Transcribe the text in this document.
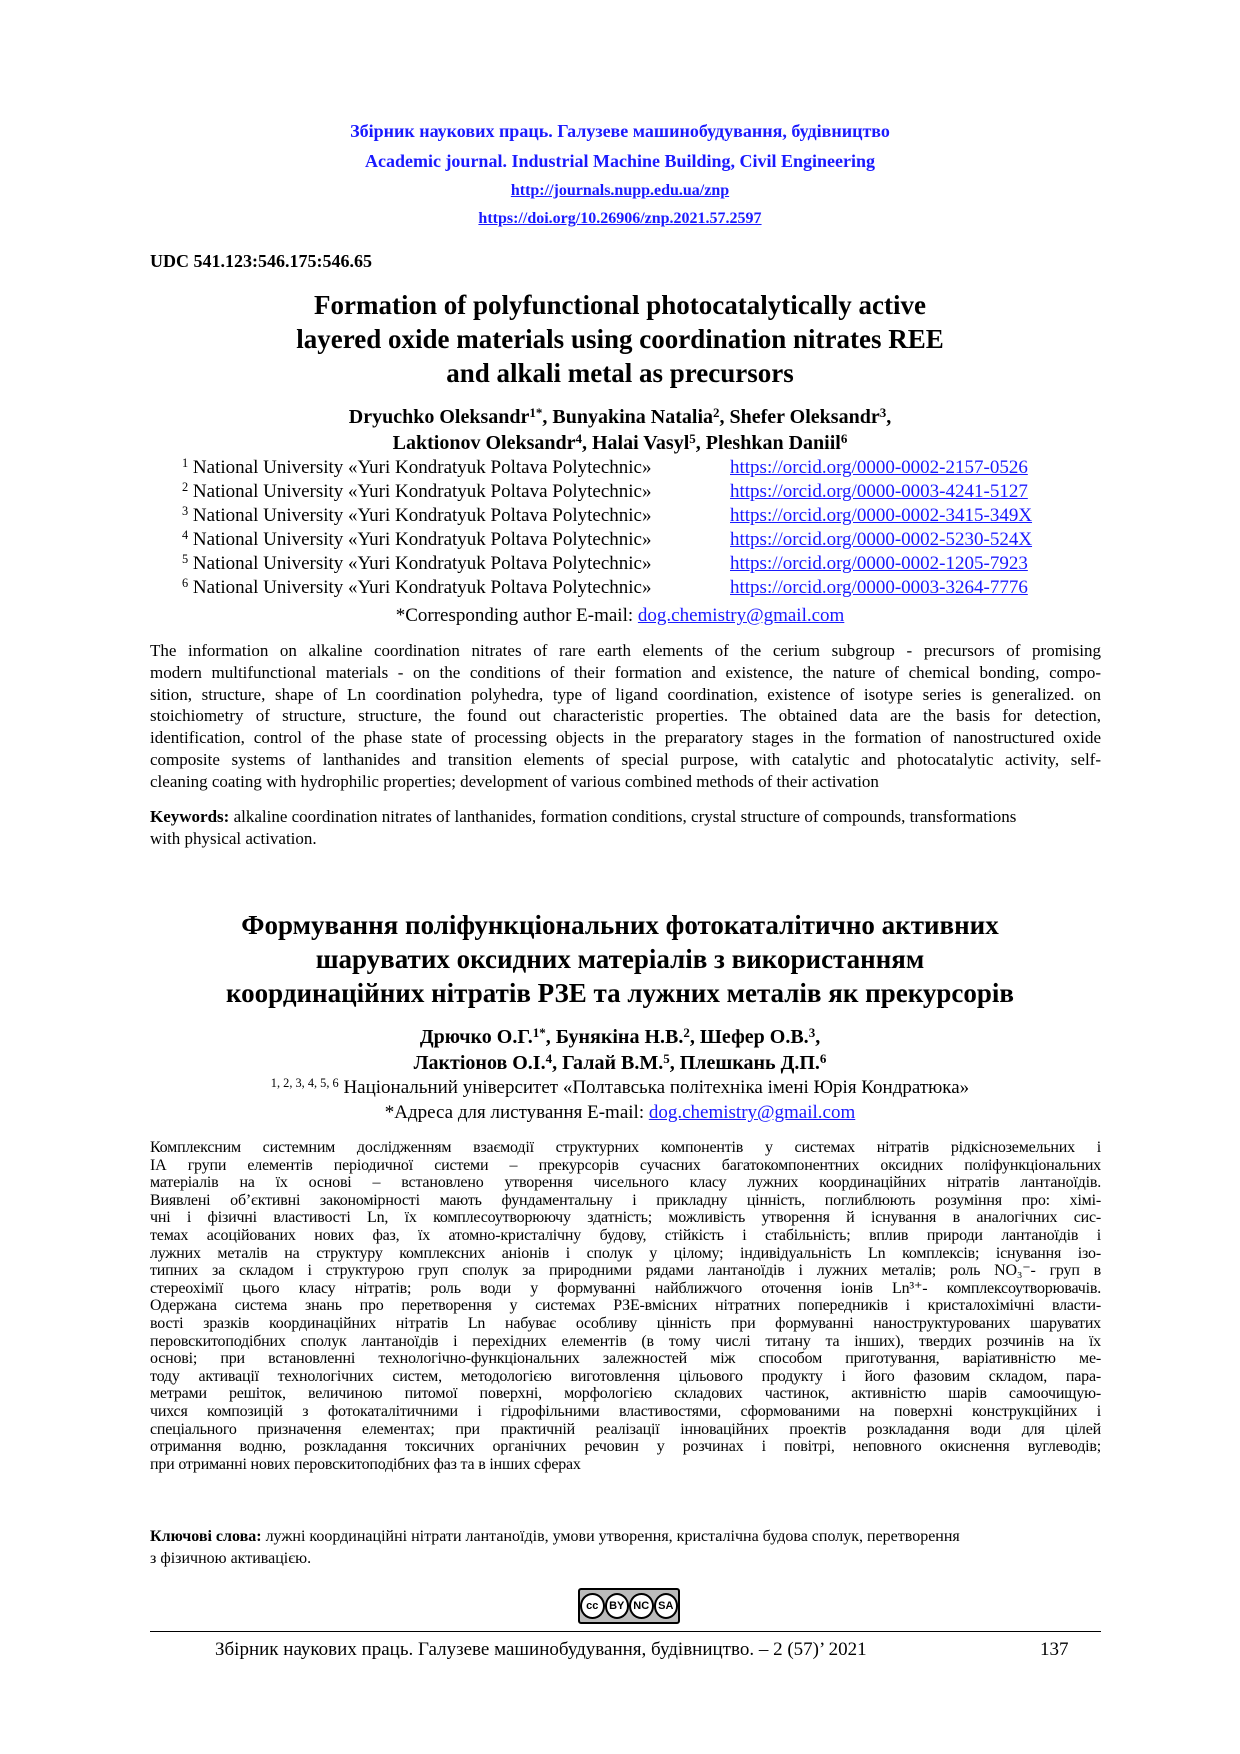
Збірник наукових праць. Галузеве машинобудування, будівництво
Academic journal. Industrial Machine Building, Civil Engineering
http://journals.nupp.edu.ua/znp
https://doi.org/10.26906/znp.2021.57.2597
UDC 541.123:546.175:546.65
Formation of polyfunctional photocatalytically active
layered oxide materials using coordination nitrates REE
and alkali metal as precursors
Dryuchko Oleksandr$^{1*}$, Bunyakina Natalia$^2$, Shefer Oleksandr$^3$,
Laktionov Oleksandr$^4$, Halai Vasyl$^5$, Pleshkan Daniil$^6$
$^1$ National University «Yuri Kondratyuk Poltava Polytechnic»	https://orcid.org/0000-0002-2157-0526
$^2$ National University «Yuri Kondratyuk Poltava Polytechnic»	https://orcid.org/0000-0003-4241-5127
$^3$ National University «Yuri Kondratyuk Poltava Polytechnic»	https://orcid.org/0000-0002-3415-349X
$^4$ National University «Yuri Kondratyuk Poltava Polytechnic»	https://orcid.org/0000-0002-5230-524X
$^5$ National University «Yuri Kondratyuk Poltava Polytechnic»	https://orcid.org/0000-0002-1205-7923
$^6$ National University «Yuri Kondratyuk Poltava Polytechnic»	https://orcid.org/0000-0003-3264-7776
*Corresponding author E-mail: dog.chemistry@gmail.com
The information on alkaline coordination nitrates of rare earth elements of the cerium subgroup - precursors of promising
modern multifunctional materials - on the conditions of their formation and existence, the nature of chemical bonding, compo-
sition, structure, shape of Ln coordination polyhedra, type of ligand coordination, existence of isotype series is generalized. on
stoichiometry of structure, structure, the found out characteristic properties. The obtained data are the basis for detection,
identification, control of the phase state of processing objects in the preparatory stages in the formation of nanostructured oxide
composite systems of lanthanides and transition elements of special purpose, with catalytic and photocatalytic activity, self-
cleaning coating with hydrophilic properties; development of various combined methods of their activation
Keywords: alkaline coordination nitrates of lanthanides, formation conditions, crystal structure of compounds, transformations
with physical activation.
Формування поліфункціональних фотокаталітично активних
шаруватих оксидних матеріалів з використанням
координаційних нітратів РЗЕ та лужних металів як прекурсорів
Дрючко О.Г.$^{1*}$, Бунякіна Н.В.$^2$, Шефер О.В.$^3$,
Лактіонов О.І.$^4$, Галай В.М.$^5$, Плешкань Д.П.$^6$
$^{1, 2, 3, 4, 5, 6}$ Національний університет «Полтавська політехніка імені Юрія Кондратюка»
*Адреса для листування E-mail: dog.chemistry@gmail.com
Комплексним системним дослідженням взаємодії структурних компонентів у системах нітратів рідкісноземельних і
ІА групи елементів періодичної системи – прекурсорів сучасних багатокомпонентних оксидних поліфункціональних
матеріалів на їх основі – встановлено утворення чисельного класу лужних координаційних нітратів лантаноїдів.
Виявлені об’єктивні закономірності мають фундаментальну і прикладну цінність, поглиблюють розуміння про: хімі-
чні і фізичні властивості Ln, їх комплесоутворюючу здатність; можливість утворення й існування в аналогічних сис-
темах асоційованих нових фаз, їх атомно-кристалічну будову, стійкість і стабільність; вплив природи лантаноїдів і
лужних металів на структуру комплексних аніонів і сполук у цілому; індивідуальність Ln комплексів; існування ізо-
типних за складом і структурою груп сполук за природними рядами лантаноїдів і лужних металів; роль NO₃⁻- груп в
стереохімії цього класу нітратів; роль води у формуванні найближчого оточення іонів Ln³⁺- комплексоутворювачів.
Одержана система знань про перетворення у системах РЗЕ-вмісних нітратних попередників і кристалохімічні власти-
вості зразків координаційних нітратів Ln набуває особливу цінність при формуванні наноструктурованих шаруватих
перовскитоподібних сполук лантаноїдів і перехідних елементів (в тому числі титану та інших), твердих розчинів на їх
основі; при встановленні технологічно-функціональних залежностей між способом приготування, варіативністю ме-
тоду активації технологічних систем, методологією виготовлення цільового продукту і його фазовим складом, пара-
метрами решіток, величиною питомої поверхні, морфологією складових частинок, активністю шарів самоочищую-
чихся композицій з фотокаталітичними і гідрофільними властивостями, сформованими на поверхні конструкційних і
спеціального призначення елементах; при практичній реалізації інноваційних проектів розкладання води для цілей
отримання водню, розкладання токсичних органічних речовин у розчинах і повітрі, неповного окиснення вуглеводів;
при отриманні нових перовскитоподібних фаз та в інших сферах
Ключові слова: лужні координаційні нітрати лантаноїдів, умови утворення, кристалічна будова сполук, перетворення
з фізичною активацією.
cc BY NC SA
Збірник наукових праць. Галузеве машинобудування, будівництво. – 2 (57)’ 2021	137
